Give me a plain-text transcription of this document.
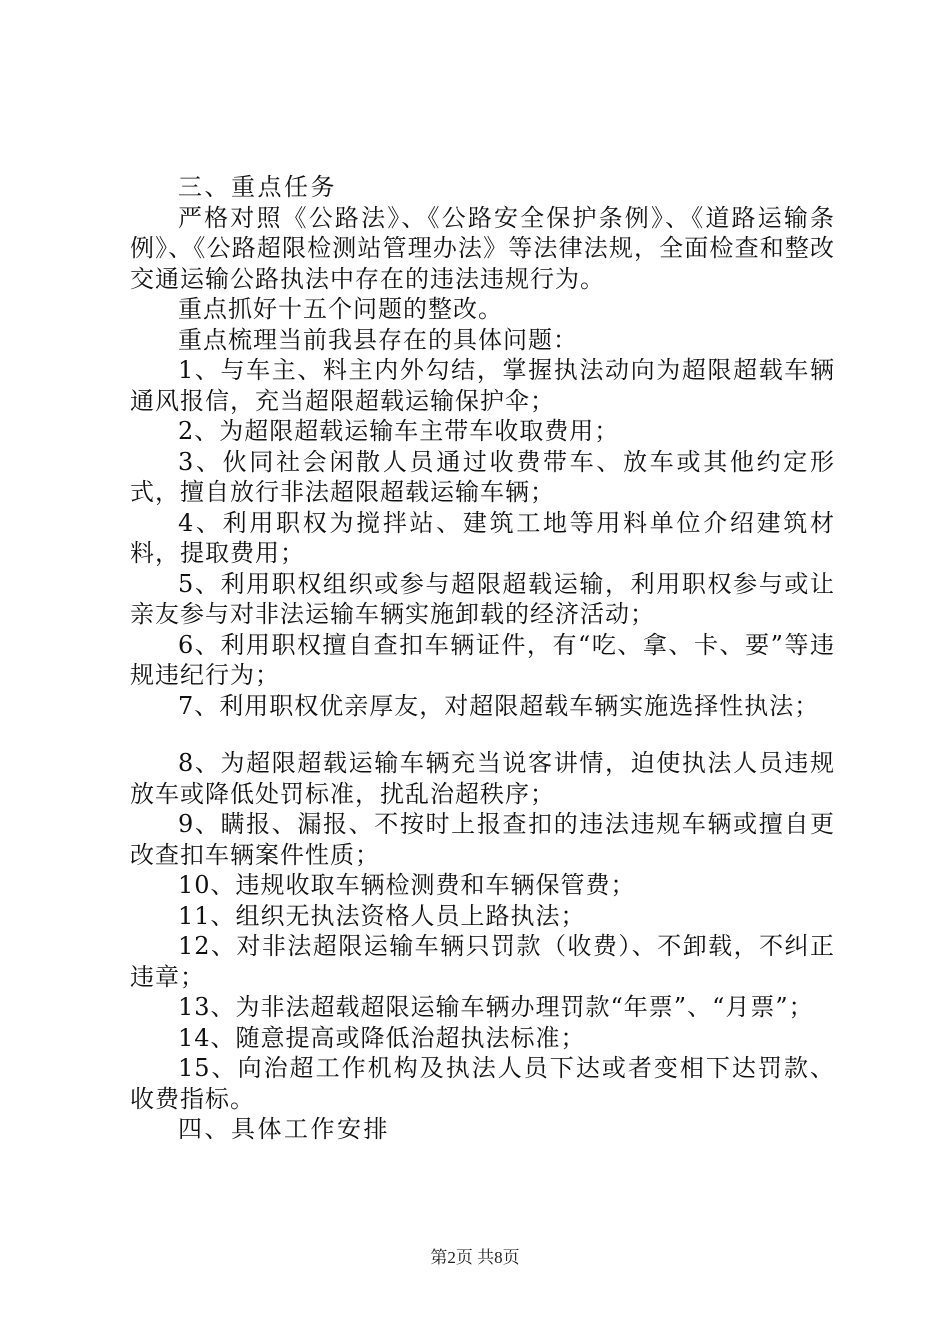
三、重点任务

严格对照《公路法》、《公路安全保护条例》、《道路运输条例》、《公路超限检测站管理办法》等法律法规，全面检查和整改交通运输公路执法中存在的违法违规行为。

重点抓好十五个问题的整改。

重点梳理当前我县存在的具体问题：

1、与车主、料主内外勾结，掌握执法动向为超限超载车辆通风报信，充当超限超载运输保护伞；

2、为超限超载运输车主带车收取费用；

3、伙同社会闲散人员通过收费带车、放车或其他约定形式，擅自放行非法超限超载运输车辆；

4、利用职权为搅拌站、建筑工地等用料单位介绍建筑材料，提取费用；

5、利用职权组织或参与超限超载运输，利用职权参与或让亲友参与对非法运输车辆实施卸载的经济活动；

6、利用职权擅自查扣车辆证件，有“吃、拿、卡、要”等违规违纪行为；

7、利用职权优亲厚友，对超限超载车辆实施选择性执法；

8、为超限超载运输车辆充当说客讲情，迫使执法人员违规放车或降低处罚标准，扰乱治超秩序；

9、瞒报、漏报、不按时上报查扣的违法违规车辆或擅自更改查扣车辆案件性质；

10、违规收取车辆检测费和车辆保管费；

11、组织无执法资格人员上路执法；

12、对非法超限运输车辆只罚款（收费）、不卸载，不纠正违章；

13、为非法超载超限运输车辆办理罚款“年票”、“月票”；

14、随意提高或降低治超执法标准；

15、向治超工作机构及执法人员下达或者变相下达罚款、收费指标。

四、具体工作安排

第2页 共8页
